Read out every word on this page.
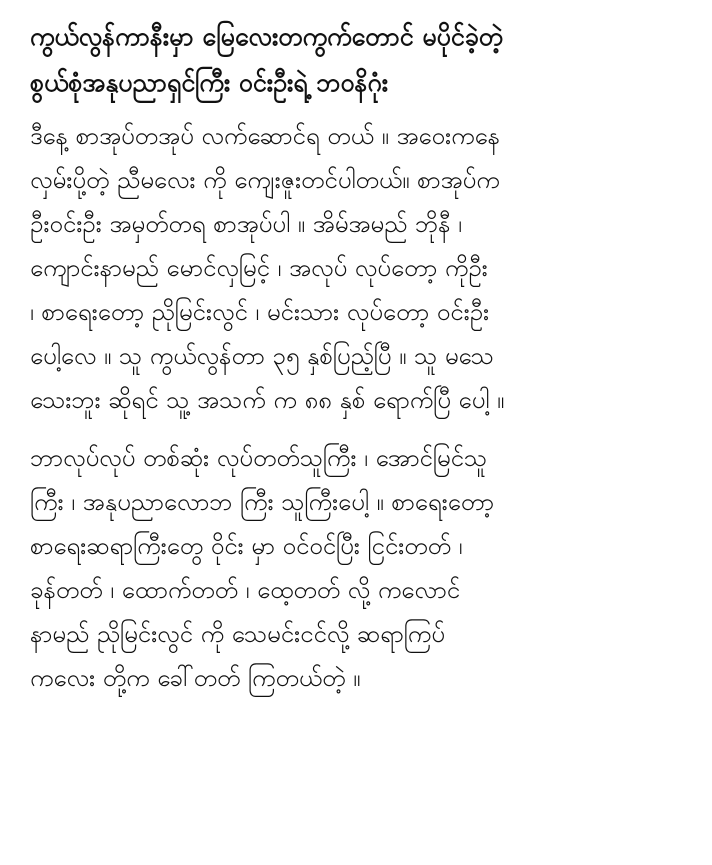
ကွယ်လွန်ကာနီးမှာ မြေလေးတကွက်တောင် မပိုင်ခဲ့တဲ့
စွယ်စုံအနုပညာရှင်ကြီး ဝင်းဦးရဲ့ ဘဝနိဂုံး
ဒီနေ့ စာအုပ်တအုပ် လက်ဆောင်ရ တယ် ။ အဝေးကနေ
လှမ်းပို့တဲ့ ညီမလေး ကို ကျေးဇူးတင်ပါတယ်။ စာအုပ်က
ဦးဝင်းဦး အမှတ်တရ စာအုပ်ပါ ။ အိမ်အမည် ဘိုနီ ၊
ကျောင်းနာမည် မောင်လှမြင့် ၊ အလုပ် လုပ်တော့ ကိုဦး
၊ စာရေးတော့ ညိုမြင်းလွင် ၊ မင်းသား လုပ်တော့ ဝင်းဦး
ပေါ့လေ ။ သူ ကွယ်လွန်တာ ၃၅ နှစ်ပြည့်ပြီ ။ သူ မသေ
သေးဘူး ဆိုရင် သူ့ အသက် က ၈၈ နှစ် ရောက်ပြီ ပေါ့ ။
ဘာလုပ်လုပ် တစ်ဆုံး လုပ်တတ်သူကြီး ၊ အောင်မြင်သူ
ကြီး ၊ အနုပညာလောဘ ကြီး သူကြီးပေါ့ ။ စာရေးတော့
စာရေးဆရာကြီးတွေ ဝိုင်း မှာ ဝင်ဝင်ပြီး ငြင်းတတ် ၊
ခုန်တတ် ၊ ထောက်တတ် ၊ ထေ့တတ် လို့ ကလောင်
နာမည် ညိုမြင်းလွင် ကို သေမင်းငင်လို့ ဆရာကြပ်
ကလေး တို့က ခေါ်တတ် ကြတယ်တဲ့ ။
